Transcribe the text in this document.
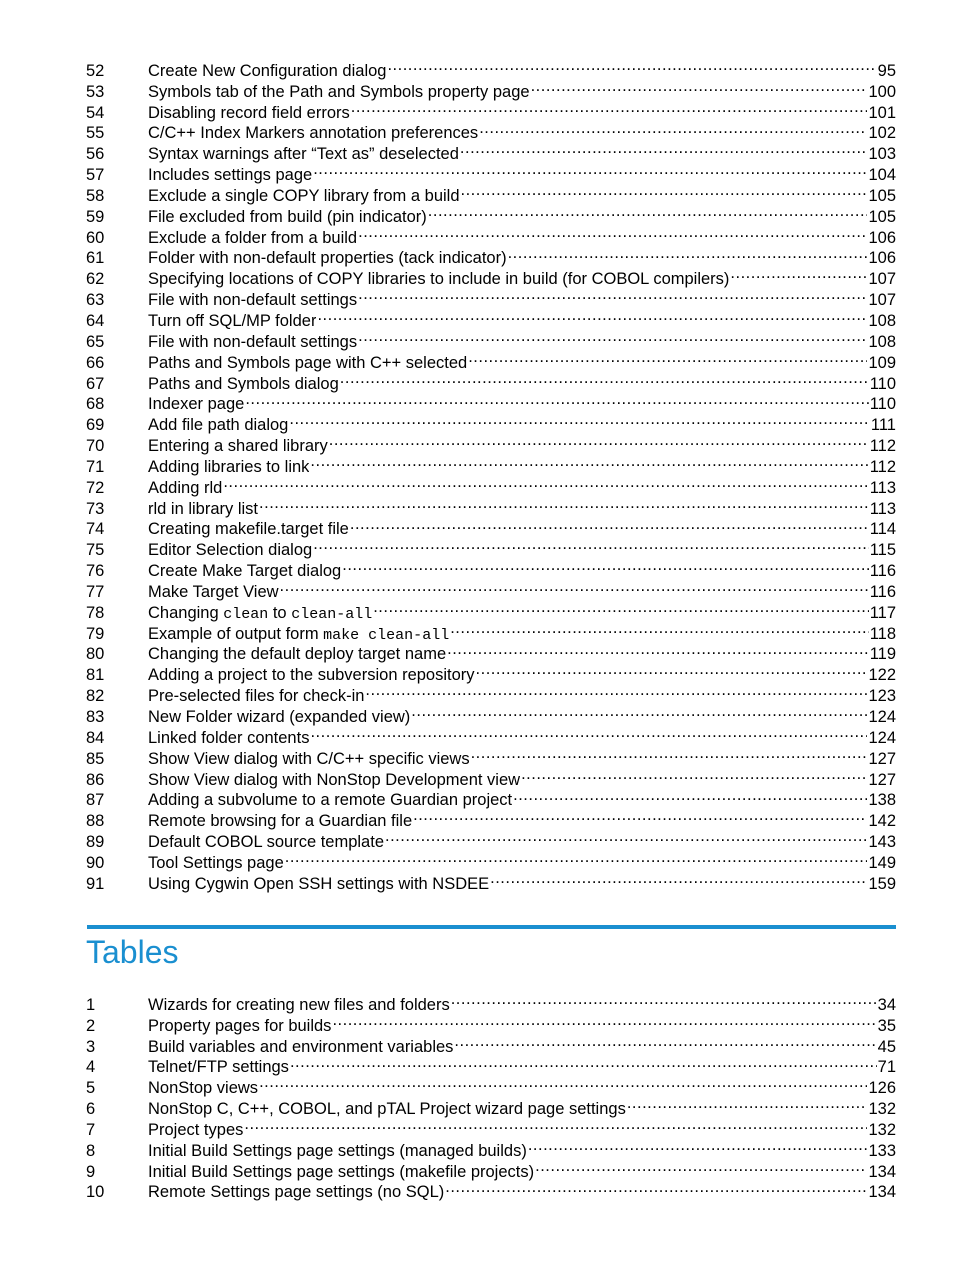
52	Create New Configuration dialog .....	95
53	Symbols tab of the Path and Symbols property page .....	100
54	Disabling record field errors .....	101
55	C/C++ Index Markers annotation preferences .....	102
56	Syntax warnings after “Text as” deselected .....	103
57	Includes settings page .....	104
58	Exclude a single COPY library from a build .....	105
59	File excluded from build (pin indicator) .....	105
60	Exclude a folder from a build .....	106
61	Folder with non-default properties (tack indicator) .....	106
62	Specifying locations of COPY libraries to include in build (for COBOL compilers) .....	107
63	File with non-default settings .....	107
64	Turn off SQL/MP folder .....	108
65	File with non-default settings .....	108
66	Paths and Symbols page with C++ selected .....	109
67	Paths and Symbols dialog .....	110
68	Indexer page .....	110
69	Add file path dialog .....	111
70	Entering a shared library .....	112
71	Adding libraries to link .....	112
72	Adding rld .....	113
73	rld in library list .....	113
74	Creating makefile.target file .....	114
75	Editor Selection dialog .....	115
76	Create Make Target dialog .....	116
77	Make Target View .....	116
78	Changing clean to clean-all .....	117
79	Example of output form make clean-all .....	118
80	Changing the default deploy target name .....	119
81	Adding a project to the subversion repository .....	122
82	Pre-selected files for check-in .....	123
83	New Folder wizard (expanded view) .....	124
84	Linked folder contents .....	124
85	Show View dialog with C/C++ specific views .....	127
86	Show View dialog with NonStop Development view .....	127
87	Adding a subvolume to a remote Guardian project .....	138
88	Remote browsing for a Guardian file .....	142
89	Default COBOL source template .....	143
90	Tool Settings page .....	149
91	Using Cygwin Open SSH settings with NSDEE .....	159
Tables
1	Wizards for creating new files and folders .....	34
2	Property pages for builds .....	35
3	Build variables and environment variables .....	45
4	Telnet/FTP settings .....	71
5	NonStop views .....	126
6	NonStop C, C++, COBOL, and pTAL Project wizard page settings .....	132
7	Project types .....	132
8	Initial Build Settings page settings (managed builds) .....	133
9	Initial Build Settings page settings (makefile projects) .....	134
10	Remote Settings page settings (no SQL) .....	134
